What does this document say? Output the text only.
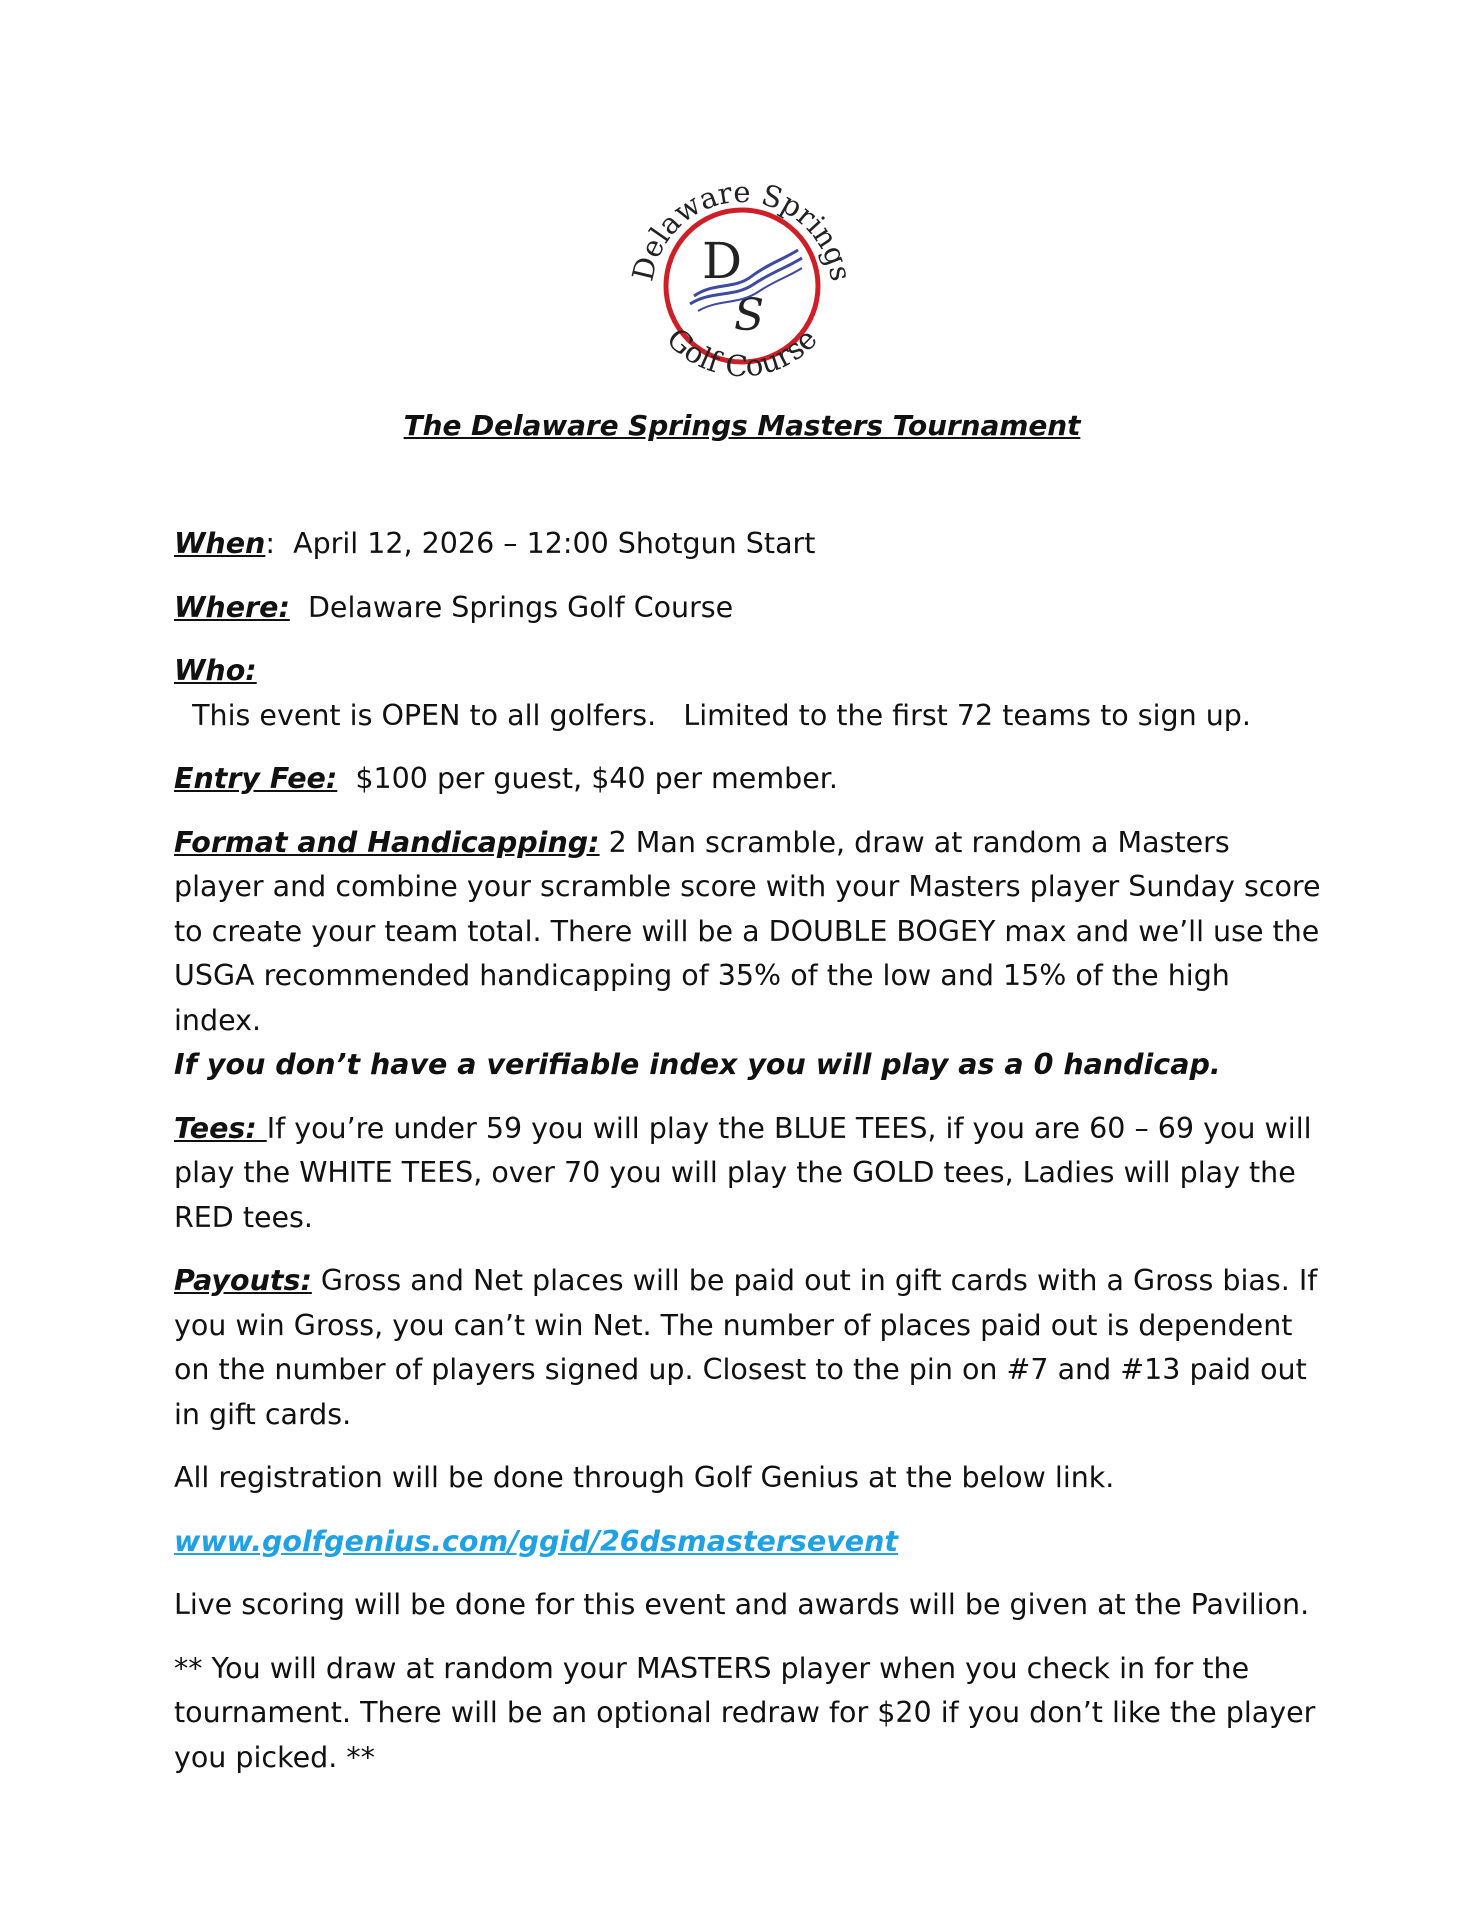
Delaware Springs
Golf Course
D
S
The Delaware Springs Masters Tournament

When:  April 12, 2026 – 12:00 Shotgun Start

Where:  Delaware Springs Golf Course

Who:  This event is OPEN to all golfers.   Limited to the first 72 teams to sign up.

Entry Fee:  $100 per guest, $40 per member.

Format and Handicapping: 2 Man scramble, draw at random a Masters player and combine your scramble score with your Masters player Sunday score to create your team total. There will be a DOUBLE BOGEY max and we’ll use the USGA recommended handicapping of 35% of the low and 15% of the high index.
If you don’t have a verifiable index you will play as a 0 handicap.

Tees: If you’re under 59 you will play the BLUE TEES, if you are 60 – 69 you will play the WHITE TEES, over 70 you will play the GOLD tees, Ladies will play the RED tees.

Payouts: Gross and Net places will be paid out in gift cards with a Gross bias. If you win Gross, you can’t win Net. The number of places paid out is dependent on the number of players signed up. Closest to the pin on #7 and #13 paid out in gift cards.

All registration will be done through Golf Genius at the below link.

www.golfgenius.com/ggid/26dsmastersevent

Live scoring will be done for this event and awards will be given at the Pavilion.

** You will draw at random your MASTERS player when you check in for the tournament. There will be an optional redraw for $20 if you don’t like the player you picked. **
